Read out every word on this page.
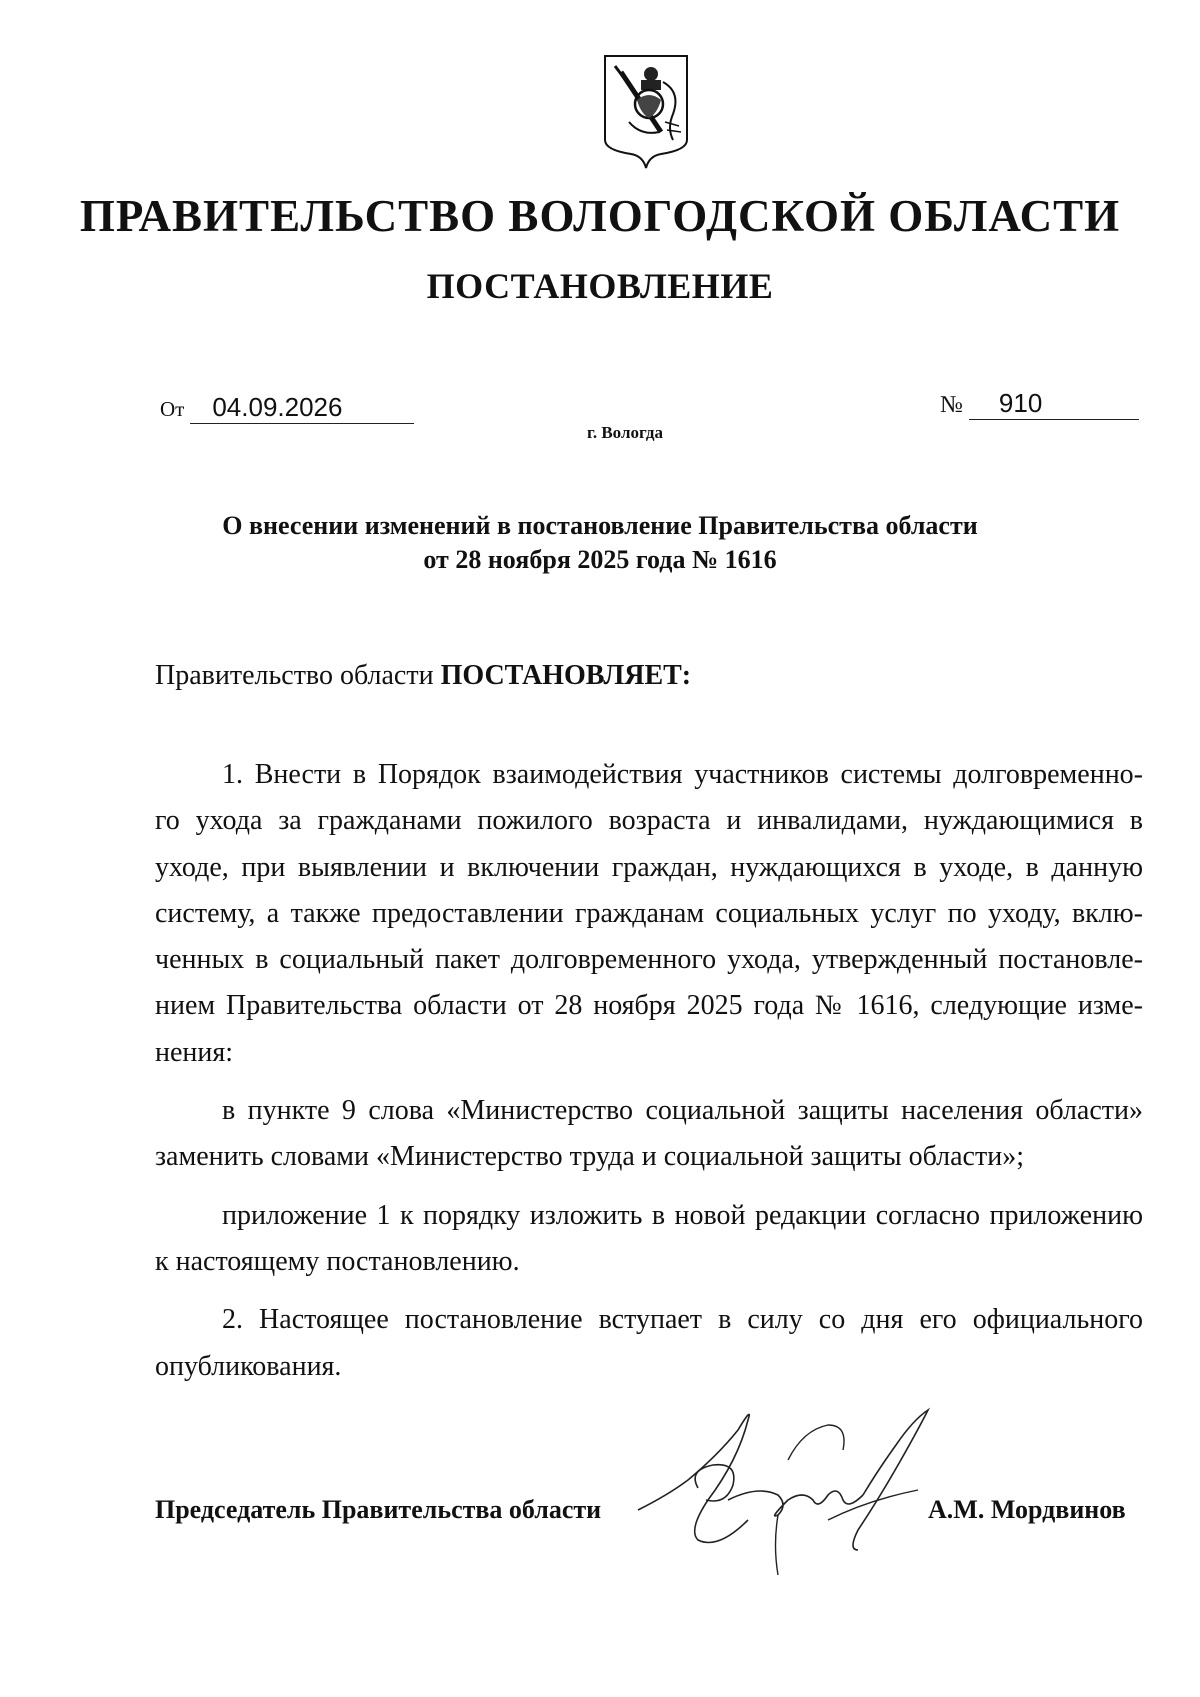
ПРАВИТЕЛЬСТВО ВОЛОГОДСКОЙ ОБЛАСТИ
ПОСТАНОВЛЕНИЕ
От 04.09.2026	№ 910
г. Вологда
О внесении изменений в постановление Правительства области
от 28 ноября 2025 года № 1616
Правительство области ПОСТАНОВЛЯЕТ:
1. Внести в Порядок взаимодействия участников системы долговременно-
го ухода за гражданами пожилого возраста и инвалидами, нуждающимися в
уходе, при выявлении и включении граждан, нуждающихся в уходе, в данную
систему, а также предоставлении гражданам социальных услуг по уходу, вклю-
ченных в социальный пакет долговременного ухода, утвержденный постановле-
нием Правительства области от 28 ноября 2025 года № 1616, следующие изме-
нения:
в пункте 9 слова «Министерство социальной защиты населения области»
заменить словами «Министерство труда и социальной защиты области»;
приложение 1 к порядку изложить в новой редакции согласно приложению
к настоящему постановлению.
2. Настоящее постановление вступает в силу со дня его официального
опубликования.
Председатель Правительства области	А.М. Мордвинов
